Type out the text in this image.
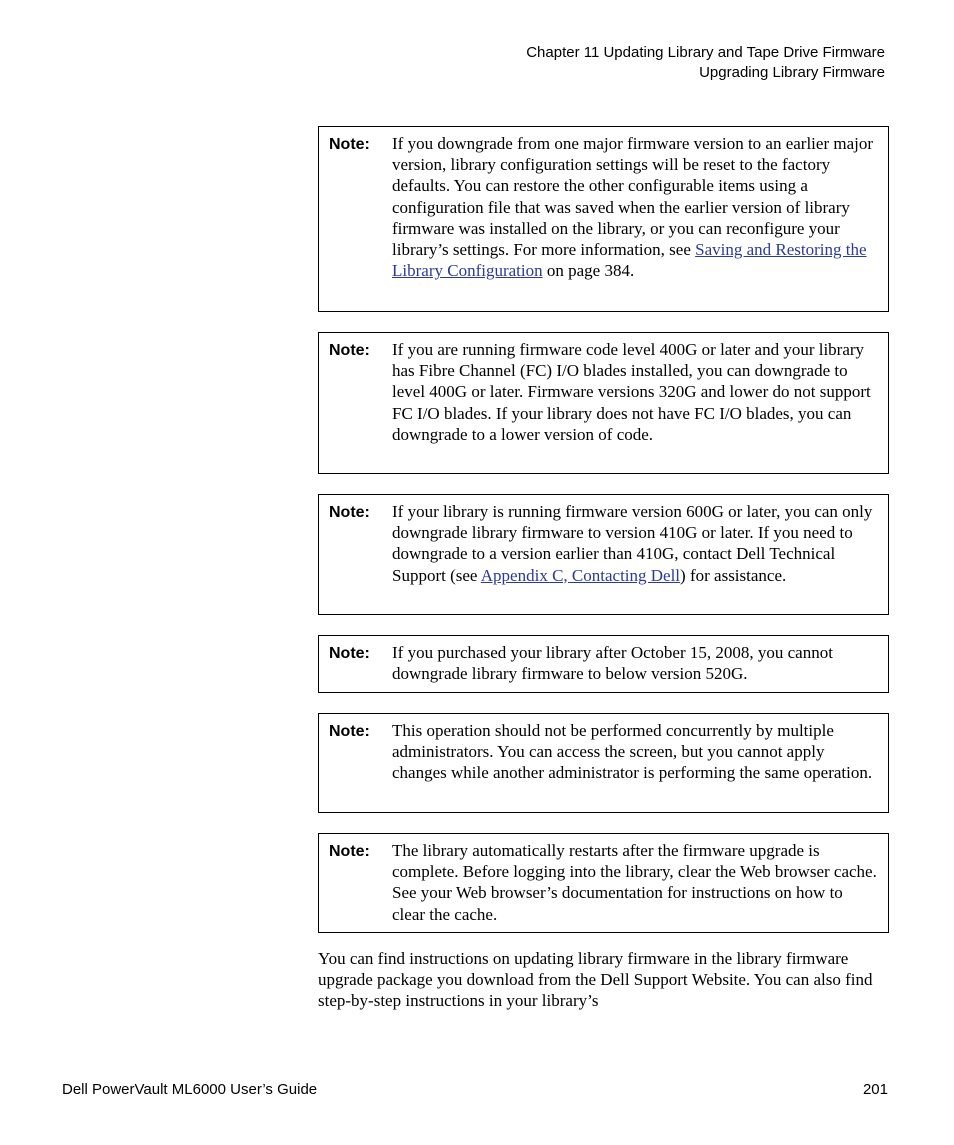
Chapter 11 Updating Library and Tape Drive Firmware
Upgrading Library Firmware
Note: If you downgrade from one major firmware version to an earlier major version, library configuration settings will be reset to the factory defaults. You can restore the other configurable items using a configuration file that was saved when the earlier version of library firmware was installed on the library, or you can reconfigure your library’s settings. For more information, see Saving and Restoring the Library Configuration on page 384.
Note: If you are running firmware code level 400G or later and your library has Fibre Channel (FC) I/O blades installed, you can downgrade to level 400G or later. Firmware versions 320G and lower do not support FC I/O blades. If your library does not have FC I/O blades, you can downgrade to a lower version of code.
Note: If your library is running firmware version 600G or later, you can only downgrade library firmware to version 410G or later. If you need to downgrade to a version earlier than 410G, contact Dell Technical Support (see Appendix C, Contacting Dell) for assistance.
Note: If you purchased your library after October 15, 2008, you cannot downgrade library firmware to below version 520G.
Note: This operation should not be performed concurrently by multiple administrators. You can access the screen, but you cannot apply changes while another administrator is performing the same operation.
Note: The library automatically restarts after the firmware upgrade is complete. Before logging into the library, clear the Web browser cache. See your Web browser’s documentation for instructions on how to clear the cache.
You can find instructions on updating library firmware in the library firmware upgrade package you download from the Dell Support Website. You can also find step-by-step instructions in your library’s
Dell PowerVault ML6000 User’s Guide	201
